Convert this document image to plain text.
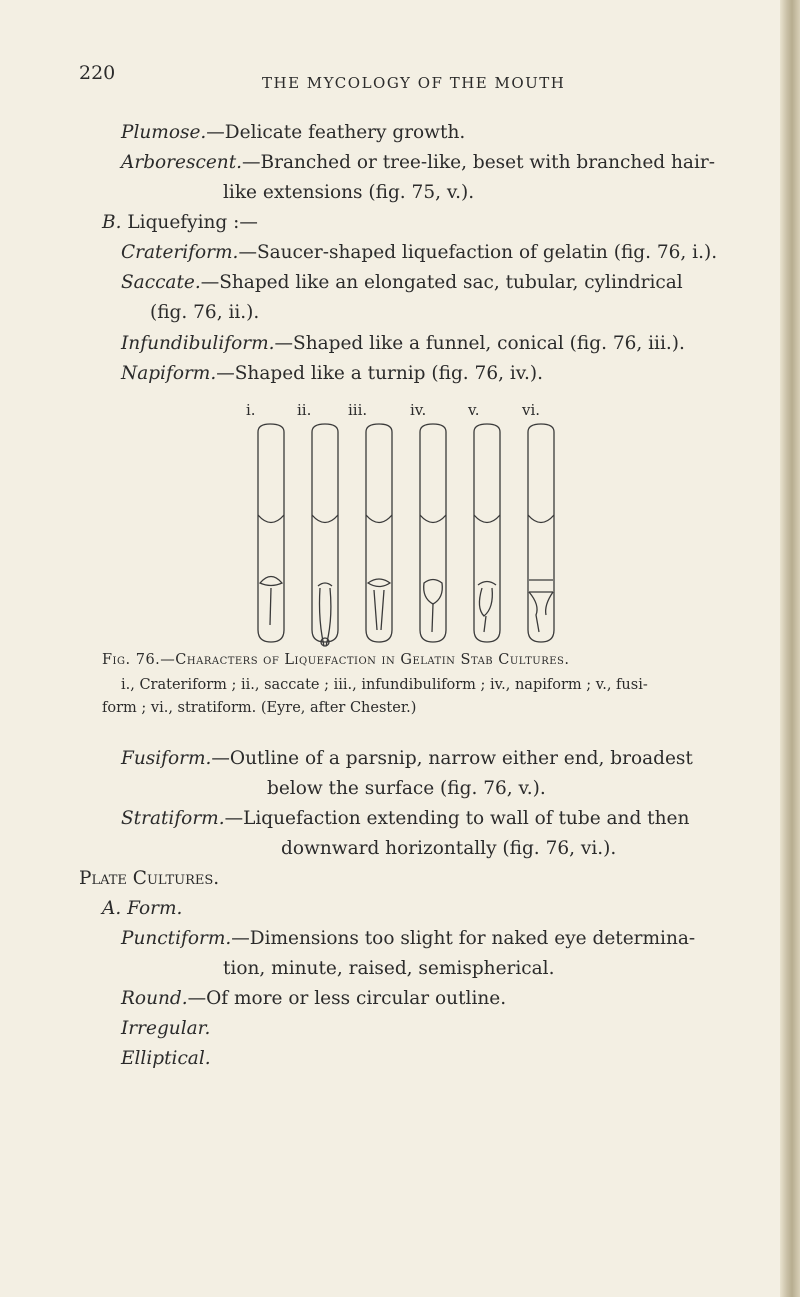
220	THE MYCOLOGY OF THE MOUTH
Plumose.—Delicate feathery growth.
Arborescent.—Branched or tree-like, beset with branched hair-
like extensions (fig. 75, v.).
B. Liquefying :—
Crateriform.—Saucer-shaped liquefaction of gelatin (fig. 76, i.).
Saccate.—Shaped like an elongated sac, tubular, cylindrical
(fig. 76, ii.).
Infundibuliform.—Shaped like a funnel, conical (fig. 76, iii.).
Napiform.—Shaped like a turnip (fig. 76, iv.).
i.	ii. iii.	iv.	v.	vi.
Fig. 76.—Characters of Liquefaction in Gelatin Stab Cultures.
i., Crateriform ; ii., saccate ; iii., infundibuliform ; iv., napiform ; v., fusi-
form ; vi., stratiform. (Eyre, after Chester.)
Fusiform.—Outline of a parsnip, narrow either end, broadest
below the surface (fig. 76, v.).
Stratiform.—Liquefaction extending to wall of tube and then
downward horizontally (fig. 76, vi.).
Plate Cultures.
A. Form.
Punctiform.—Dimensions too slight for naked eye determina-
tion, minute, raised, semispherical.
Round.—Of more or less circular outline.
Irregular.
Elliptical.
